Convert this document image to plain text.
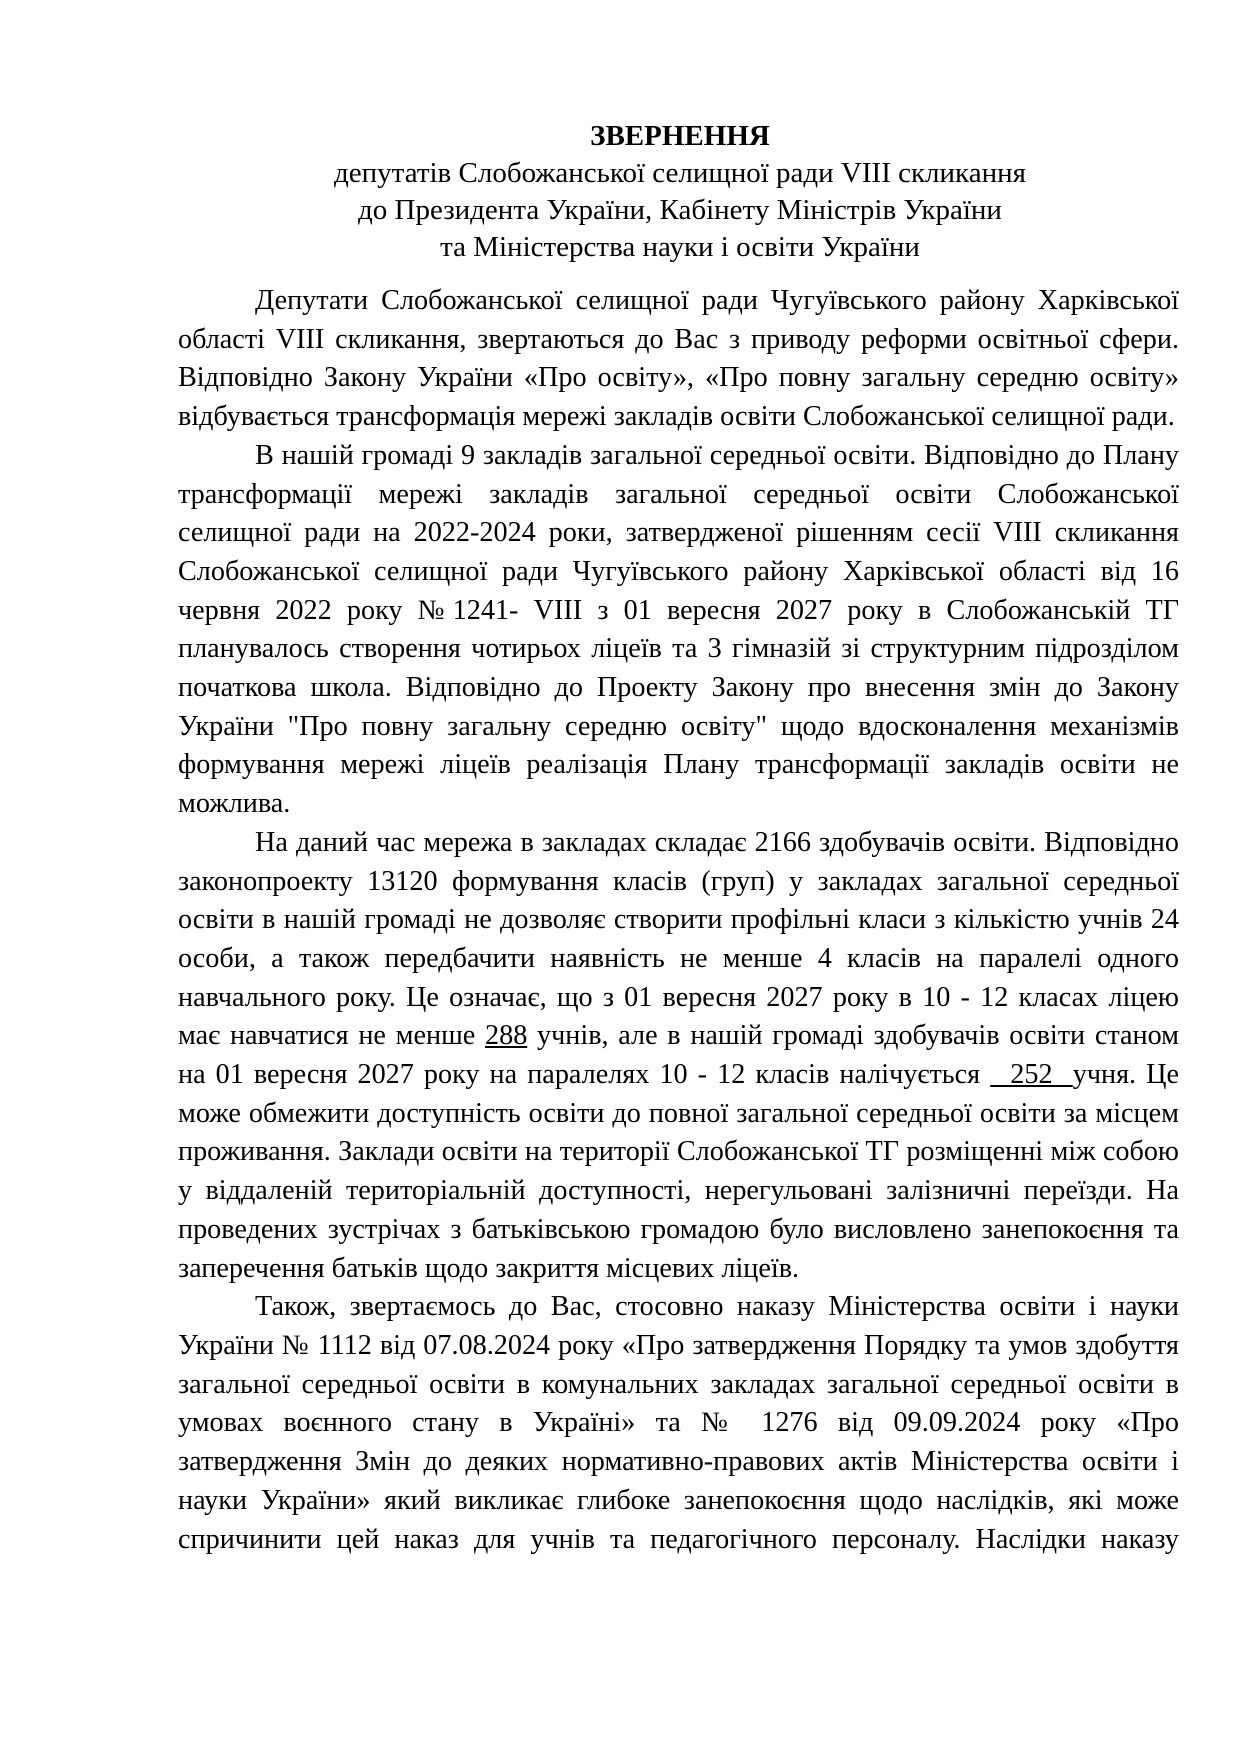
ЗВЕРНЕННЯ
депутатів Слобожанської селищної ради VIII скликання
до Президента України, Кабінету Міністрів України
та Міністерства науки і освіти України

Депутати Слобожанської селищної ради Чугуївського району Харківської області VIII скликання, звертаються до Вас з приводу реформи освітньої сфери. Відповідно Закону України «Про освіту», «Про повну загальну середню освіту» відбувається трансформація мережі закладів освіти Слобожанської селищної ради.

В нашій громаді 9 закладів загальної середньої освіти. Відповідно до Плану трансформації мережі закладів загальної середньої освіти Слобожанської селищної ради на 2022-2024 роки, затвердженої рішенням сесії VIII скликання Слобожанської селищної ради Чугуївського району Харківської області від 16 червня 2022 року №1241- VIII з 01 вересня 2027 року в Слобожанській ТГ планувалось створення чотирьох ліцеїв та 3 гімназій зі структурним підрозділом початкова школа. Відповідно до Проекту Закону про внесення змін до Закону України "Про повну загальну середню освіту" щодо вдосконалення механізмів формування мережі ліцеїв реалізація Плану трансформації закладів освіти не можлива.

На даний час мережа в закладах складає 2166 здобувачів освіти. Відповідно законопроекту 13120 формування класів (груп) у закладах загальної середньої освіти в нашій громаді не дозволяє створити профільні класи з кількістю учнів 24 особи, а також передбачити наявність не менше 4 класів на паралелі одного навчального року. Це означає, що з 01 вересня 2027 року в 10 - 12 класах ліцею має навчатися не менше 288 учнів, але в нашій громаді здобувачів освіти станом на 01 вересня 2027 року на паралелях 10 - 12 класів налічується   252  учня. Це може обмежити доступність освіти до повної загальної середньої освіти за місцем проживання. Заклади освіти на території Слобожанської ТГ розміщенні між собою у віддаленій територіальній доступності, нерегульовані залізничні переїзди. На проведених зустрічах з батьківською громадою було висловлено занепокоєння та заперечення батьків щодо закриття місцевих ліцеїв.

Також, звертаємось до Вас, стосовно наказу Міністерства освіти і науки України № 1112 від 07.08.2024 року «Про затвердження Порядку та умов здобуття загальної середньої освіти в комунальних закладах загальної середньої освіти в умовах воєнного стану в Україні» та № 1276 від 09.09.2024 року «Про затвердження Змін до деяких нормативно-правових актів Міністерства освіти і науки України» який викликає глибоке занепокоєння щодо наслідків, які може спричинити цей наказ для учнів та педагогічного персоналу. Наслідки наказу
